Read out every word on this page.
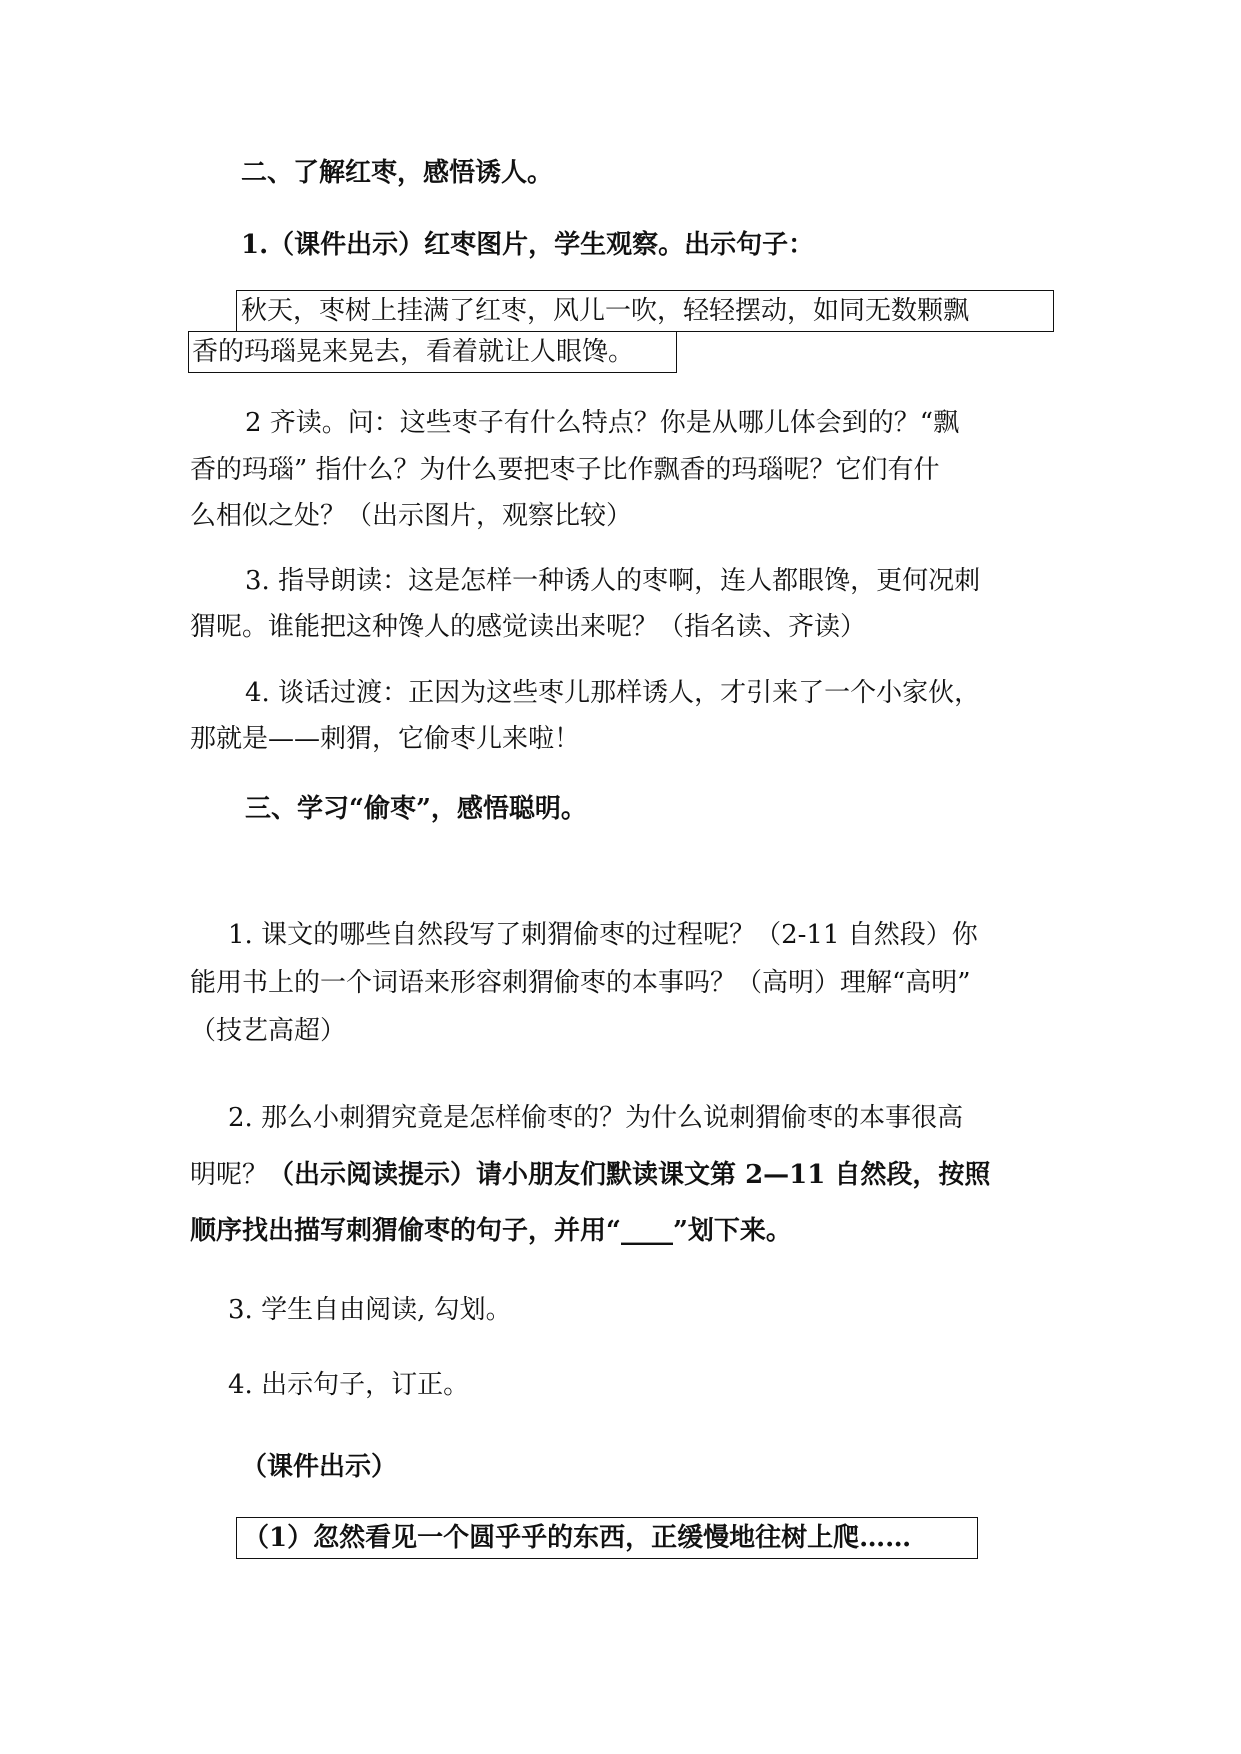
二、了解红枣，感悟诱人。
1.（课件出示）红枣图片，学生观察。出示句子：
秋天，枣树上挂满了红枣，风儿一吹，轻轻摆动，如同无数颗飘
香的玛瑙晃来晃去，看着就让人眼馋。
2 齐读。问：这些枣子有什么特点？你是从哪儿体会到的？“飘
香的玛瑙” 指什么？为什么要把枣子比作飘香的玛瑙呢？它们有什
么相似之处？（出示图片，观察比较）
3. 指导朗读：这是怎样一种诱人的枣啊，连人都眼馋，更何况刺
猬呢。谁能把这种馋人的感觉读出来呢？（指名读、齐读）
4. 谈话过渡：正因为这些枣儿那样诱人，才引来了一个小家伙，
那就是——刺猬，它偷枣儿来啦！
三、学习“偷枣”，感悟聪明。
1. 课文的哪些自然段写了刺猬偷枣的过程呢？（2-11 自然段）你
能用书上的一个词语来形容刺猬偷枣的本事吗？（高明）理解“高明”
（技艺高超）
2. 那么小刺猬究竟是怎样偷枣的？为什么说刺猬偷枣的本事很高
明呢？（出示阅读提示）请小朋友们默读课文第 2—11 自然段，按照
顺序找出描写刺猬偷枣的句子，并用“____”划下来。
3. 学生自由阅读, 勾划。
4. 出示句子，订正。
（课件出示）
（1）忽然看见一个圆乎乎的东西，正缓慢地往树上爬……
